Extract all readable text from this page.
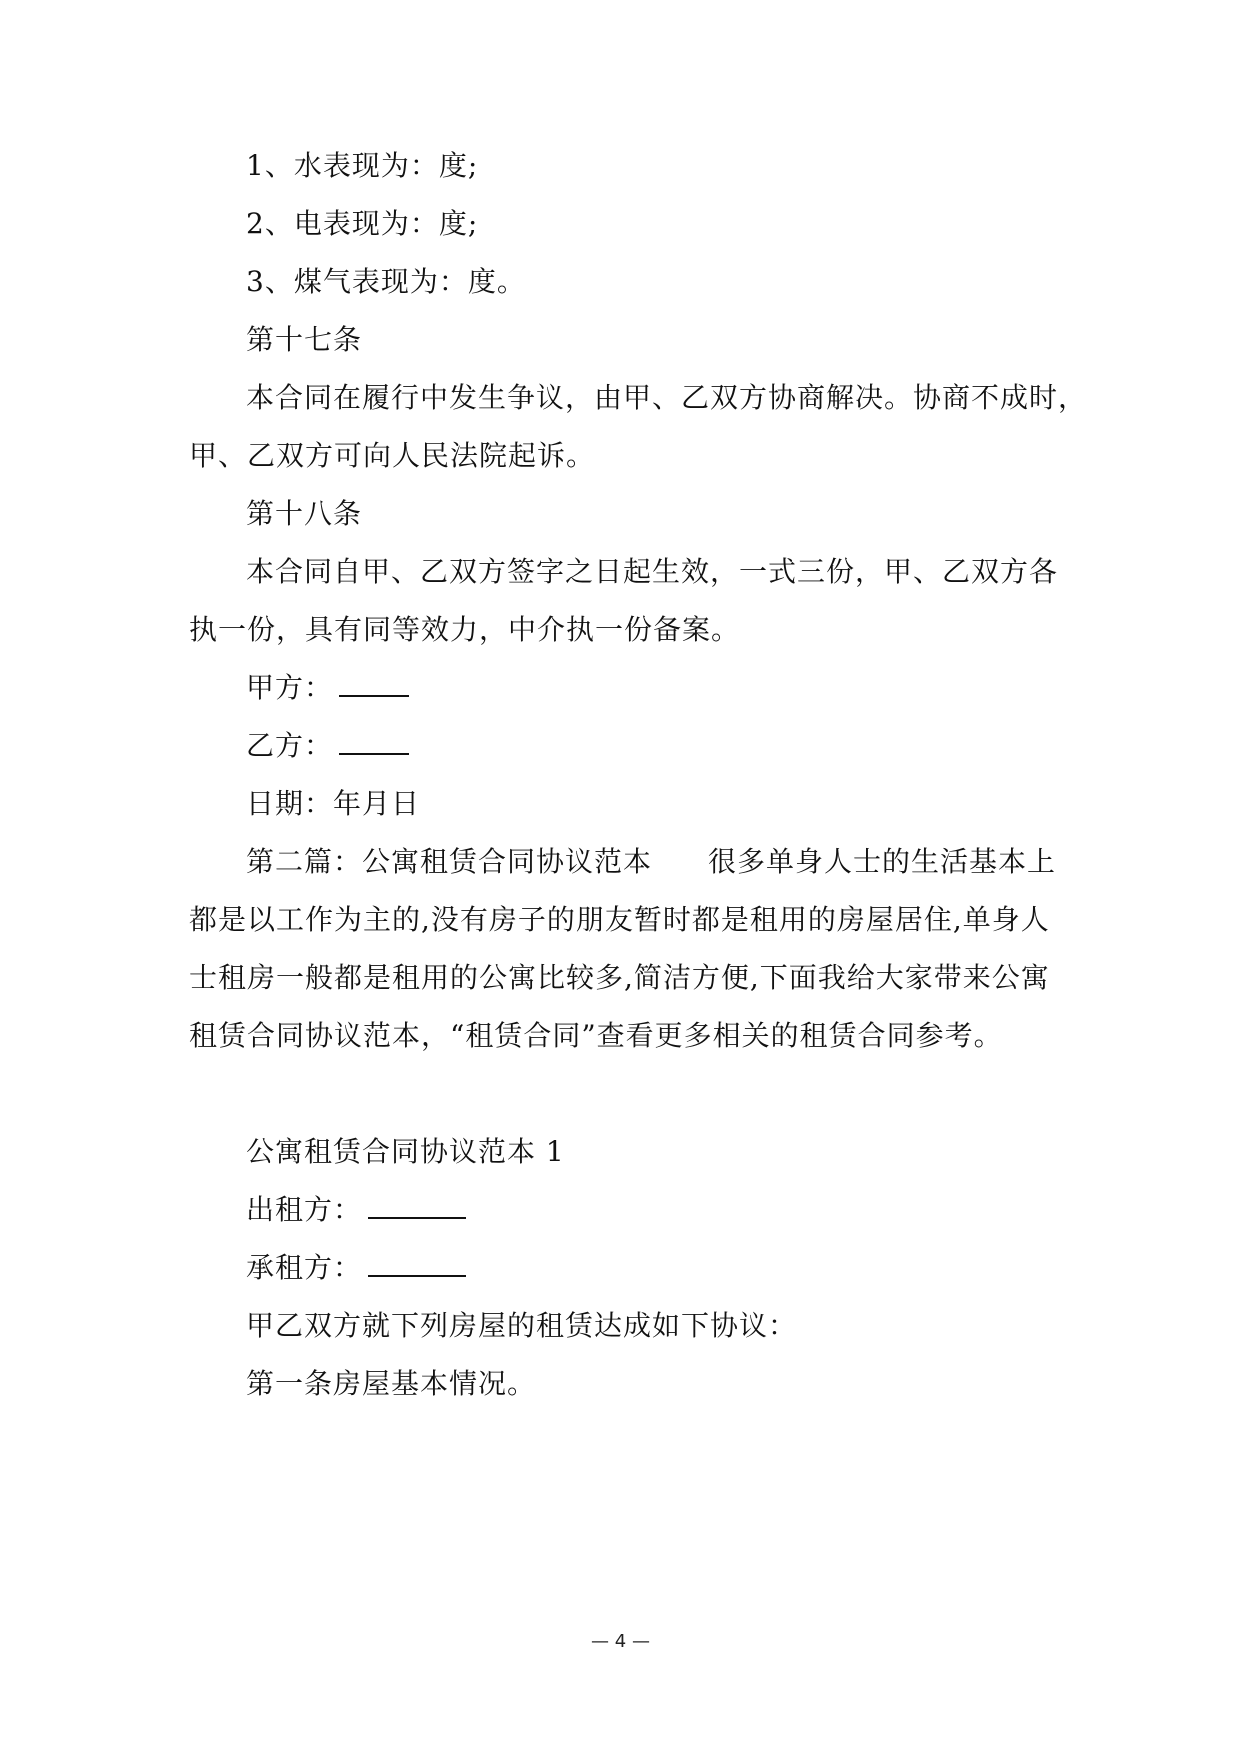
1、水表现为：度;
2、电表现为：度;
3、煤气表现为：度。
第十七条
本合同在履行中发生争议，由甲、乙双方协商解决。协商不成时，
甲、乙双方可向人民法院起诉。
第十八条
本合同自甲、乙双方签字之日起生效，一式三份，甲、乙双方各
执一份，具有同等效力，中介执一份备案。
甲方：
乙方：
日期：年月日
第二篇：公寓租赁合同协议范本 很多单身人士的生活基本上
都是以工作为主的,没有房子的朋友暂时都是租用的房屋居住,单身人
士租房一般都是租用的公寓比较多,简洁方便,下面我给大家带来公寓
租赁合同协议范本，“租赁合同”查看更多相关的租赁合同参考。
公寓租赁合同协议范本 1
出租方：
承租方：
甲乙双方就下列房屋的租赁达成如下协议：
第一条房屋基本情况。
— 4 —
